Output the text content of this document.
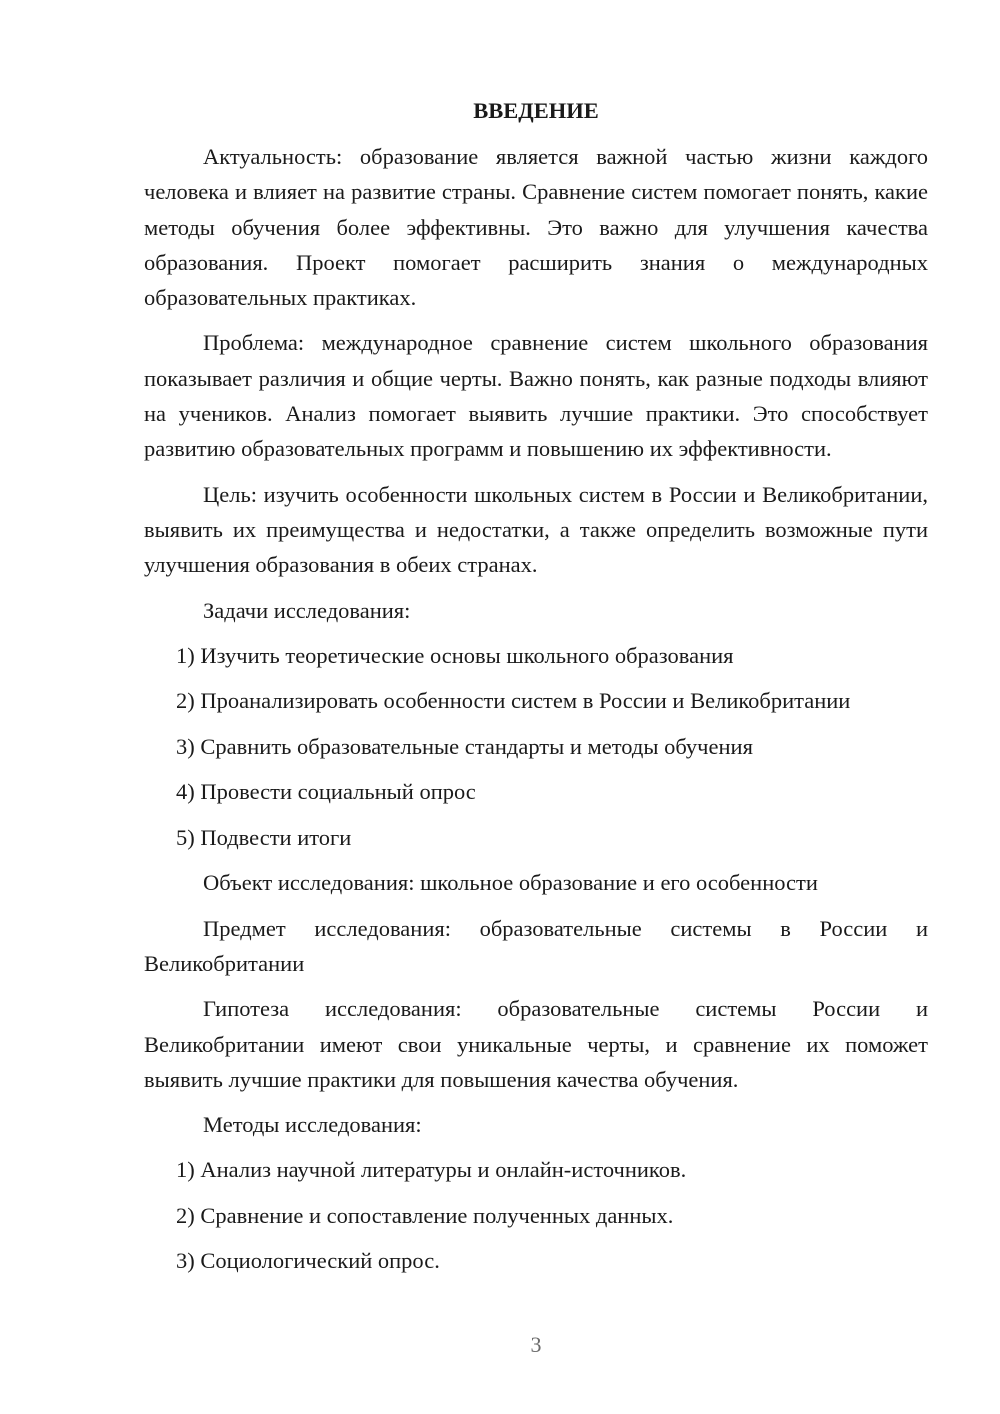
ВВЕДЕНИЕ

Актуальность: образование является важной частью жизни каждого человека и влияет на развитие страны. Сравнение систем помогает понять, какие методы обучения более эффективны. Это важно для улучшения качества образования. Проект помогает расширить знания о международных образовательных практиках.

Проблема: международное сравнение систем школьного образования показывает различия и общие черты. Важно понять, как разные подходы влияют на учеников. Анализ помогает выявить лучшие практики. Это способствует развитию образовательных программ и повышению их эффективности.

Цель: изучить особенности школьных систем в России и Великобритании, выявить их преимущества и недостатки, а также определить возможные пути улучшения образования в обеих странах.

Задачи исследования:

1) Изучить теоретические основы школьного образования
2) Проанализировать особенности систем в России и Великобритании
3) Сравнить образовательные стандарты и методы обучения
4) Провести социальный опрос
5) Подвести итоги

Объект исследования: школьное образование и его особенности

Предмет исследования: образовательные системы в России и Великобритании

Гипотеза исследования: образовательные системы России и Великобритании имеют свои уникальные черты, и сравнение их поможет выявить лучшие практики для повышения качества обучения.

Методы исследования:

1) Анализ научной литературы и онлайн-источников.
2) Сравнение и сопоставление полученных данных.
3) Социологический опрос.
3
